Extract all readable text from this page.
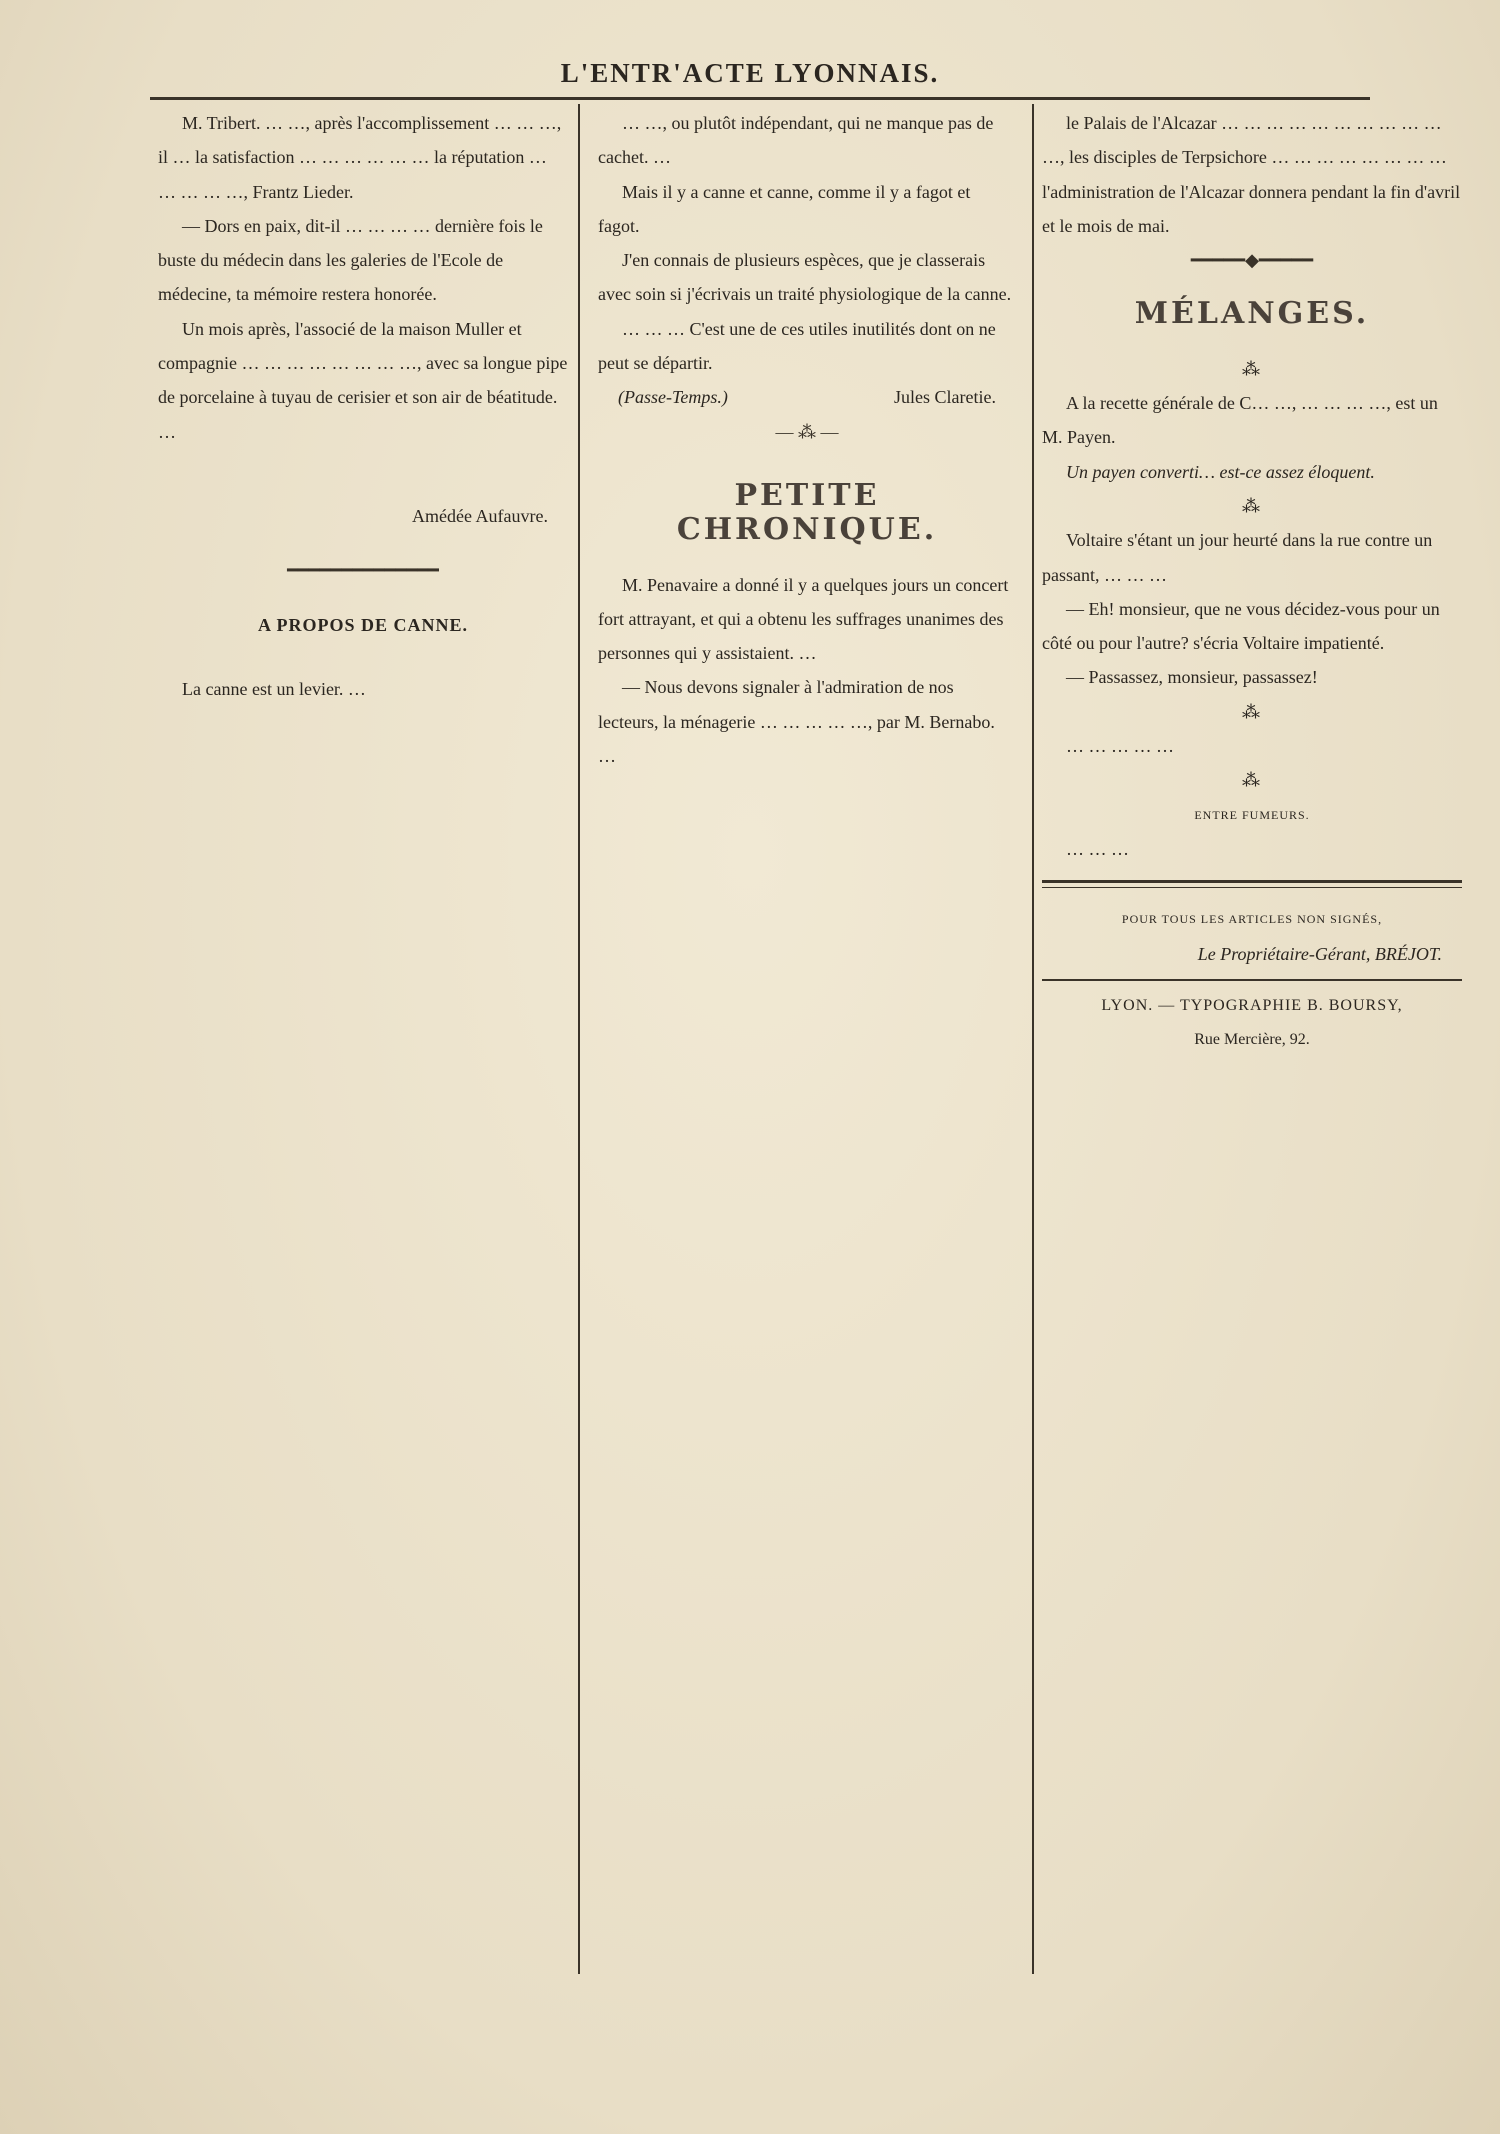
L'ENTR'ACTE LYONNAIS.
M. Tribert. … …, après l'accomplissement … … …, il … la satisfaction … … … … … … la réputation … … … … …, Frantz Lieder.
— Dors en paix, dit-il … … … … dernière fois le buste du médecin dans les galeries de l'Ecole de médecine, ta mémoire restera honorée.
Un mois après, l'associé de la maison Muller et compagnie … … … … … … … …, avec sa longue pipe de porcelaine à tuyau de cerisier et son air de béatitude. …
Amédée Aufauvre.
━━━━━━━━━━━━━━
A PROPOS DE CANNE.
La canne est un levier. …
… …, ou plutôt indépendant, qui ne manque pas de cachet. …
Mais il y a canne et canne, comme il y a fagot et fagot.
J'en connais de plusieurs espèces, que je classerais avec soin si j'écrivais un traité physiologique de la canne.
… … … C'est une de ces utiles inutilités dont on ne peut se départir.
(Passe-Temps.)	Jules Claretie.
— ⁂ —
PETITE CHRONIQUE.
M. Penavaire a donné il y a quelques jours un concert fort attrayant, et qui a obtenu les suffrages unanimes des personnes qui y assistaient. …
— Nous devons signaler à l'admiration de nos lecteurs, la ménagerie … … … … …, par M. Bernabo. …
le Palais de l'Alcazar … … … … … … … … … … …, les disciples de Terpsichore … … … … … … … … l'administration de l'Alcazar donnera pendant la fin d'avril et le mois de mai.
━━━━━◆━━━━━
MÉLANGES.
⁂
A la recette générale de C… …, … … … …, est un M. Payen.
Un payen converti… est-ce assez éloquent.
⁂
Voltaire s'étant un jour heurté dans la rue contre un passant, … … …
— Eh! monsieur, que ne vous décidez-vous pour un côté ou pour l'autre? s'écria Voltaire impatienté.
— Passassez, monsieur, passassez!
⁂
… … … … …
⁂
ENTRE FUMEURS.
… … …
POUR TOUS LES ARTICLES NON SIGNÉS,
Le Propriétaire-Gérant, BRÉJOT.
LYON. — TYPOGRAPHIE B. BOURSY,
Rue Mercière, 92.
